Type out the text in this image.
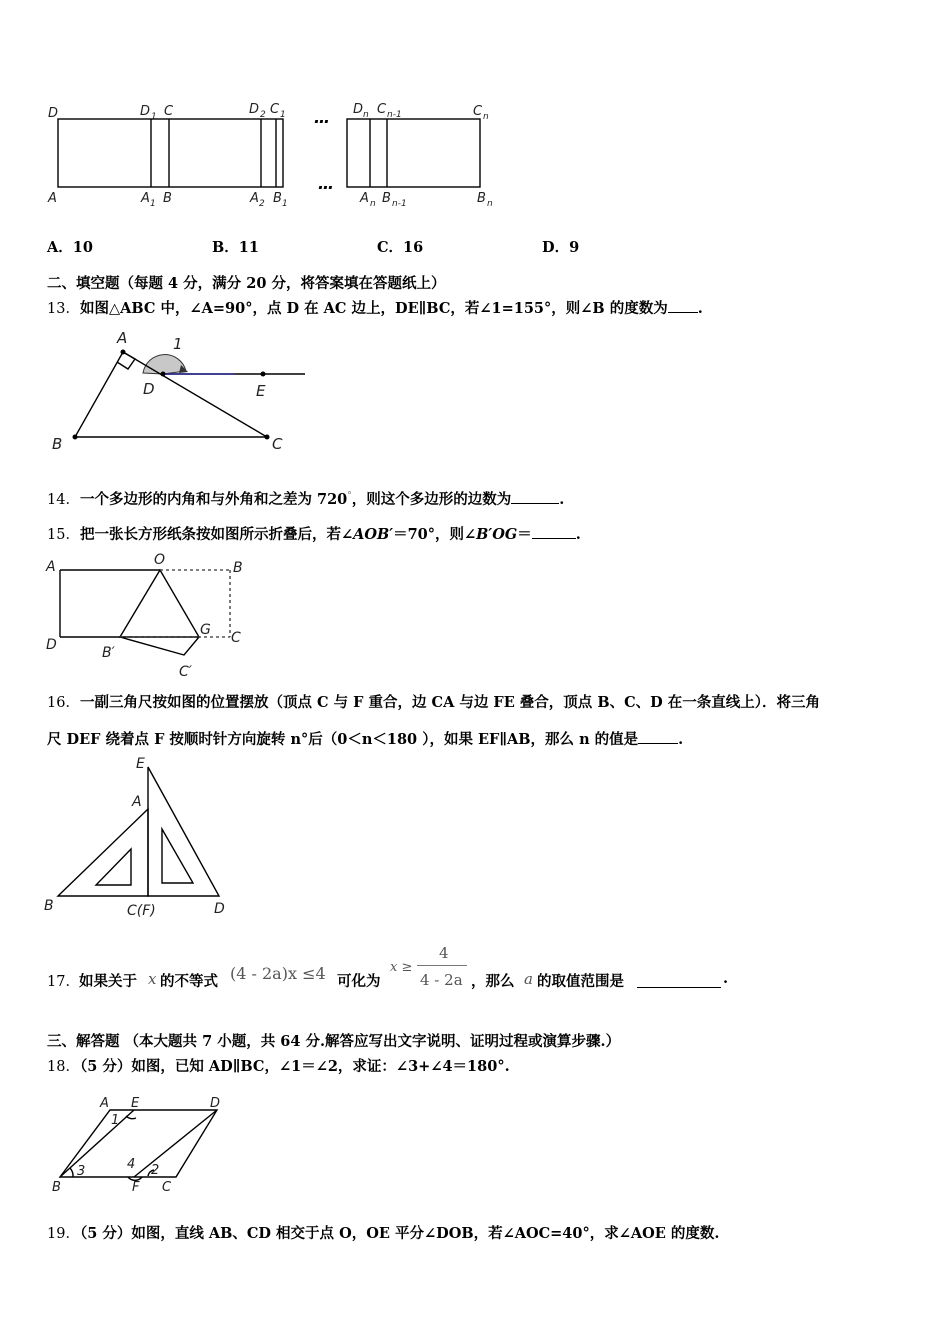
D	D 1 C	D 2 C 1	D n C n-1	C n
A	A 1 B	A 2 B 1	A n B n-1	B n
…
…
A．10	B．11	C．16	D．9
二、填空题（每题 4 分，满分 20 分，将答案填在答题纸上）
13．如图△ABC 中，∠A=90°，点 D 在 AC 边上，DE∥BC，若∠1=155°，则∠B 的度数为 .
A	1
D	E
B	C
14．一个多边形的内角和与外角和之差为 720°，则这个多边形的边数为	.
15．把一张长方形纸条按如图所示折叠后，若∠AOB′＝70°，则∠B′OG＝	.
A	O	B
D	B′
G C
C′
16．一副三角尺按如图的位置摆放（顶点 C 与 F 重合，边 CA 与边 FE 叠合，顶点 B、C、D 在一条直线上）．将三角
尺 DEF 绕着点 F 按顺时针方向旋转 n°后（0＜n＜180 ），如果 EF∥AB，那么 n 的值是	.
E
A
B	C(F)	D
17． 如果关于 x 的不等式 (4 - 2a)x ≤4 可化为
x ≥
4
4 - 2a ，那么 a 的取值范围是	.
三、解答题 （本大题共 7 小题，共 64 分.解答应写出文字说明、证明过程或演算步骤.）
18．（5 分）如图，已知 AD∥BC，∠1＝∠2，求证：∠3+∠4＝180°.
A E	D
B	F C
1
2
3	4
19．（5 分）如图，直线 AB、CD 相交于点 O，OE 平分∠DOB，若∠AOC=40°，求∠AOE 的度数.
